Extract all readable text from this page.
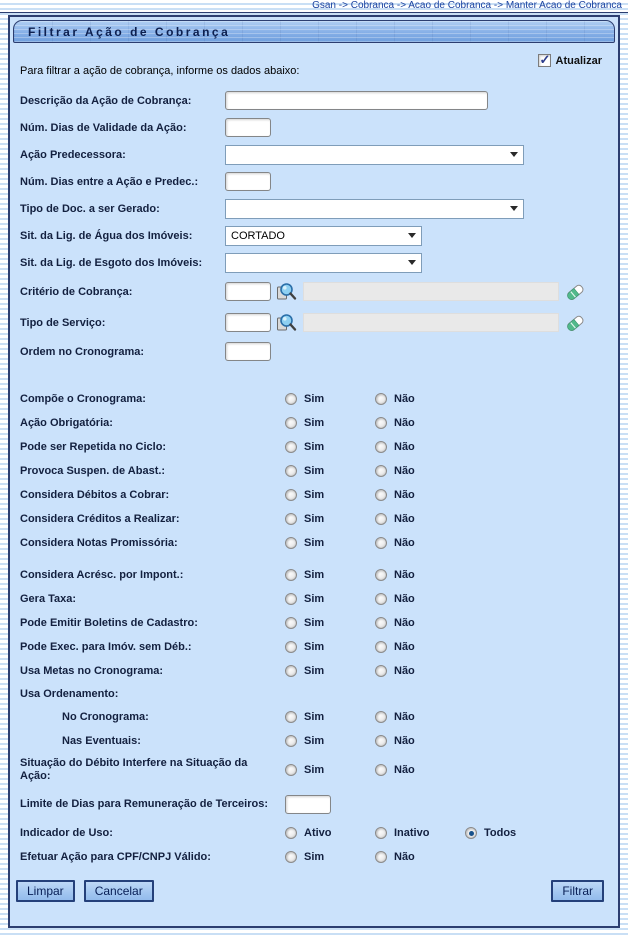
Gsan -> Cobranca -> Acao de Cobranca -> Manter Acao de Cobranca
Filtrar Ação de Cobrança
✓
Atualizar
Para filtrar a ação de cobrança, informe os dados abaixo:
Descrição da Ação de Cobrança:
Núm. Dias de Validade da Ação:
Ação Predecessora:
Núm. Dias entre a Ação e Predec.:
Tipo de Doc. a ser Gerado:
Sit. da Lig. de Água dos Imóveis:	CORTADO
Sit. da Lig. de Esgoto dos Imóveis:
Critério de Cobrança:
Tipo de Serviço:
Ordem no Cronograma:
Compõe o Cronograma:	Sim	Não
Ação Obrigatória:	Sim	Não
Pode ser Repetida no Ciclo:	Sim	Não
Provoca Suspen. de Abast.:	Sim	Não
Considera Débitos a Cobrar:	Sim	Não
Considera Créditos a Realizar:	Sim	Não
Considera Notas Promissória:	Sim	Não
Considera Acrésc. por Impont.:	Sim	Não
Gera Taxa:	Sim	Não
Pode Emitir Boletins de Cadastro:	Sim	Não
Pode Exec. para Imóv. sem Déb.:	Sim	Não
Usa Metas no Cronograma:	Sim	Não
Usa Ordenamento:
No Cronograma:	Sim	Não
Nas Eventuais:	Sim	Não
Situação do Débito Interfere na Situação da Ação:	Sim	Não
Limite de Dias para Remuneração de Terceiros:
Indicador de Uso:	Ativo	Inativo	Todos
Efetuar Ação para CPF/CNPJ Válido:	Sim	Não
Limpar	Cancelar	Filtrar
